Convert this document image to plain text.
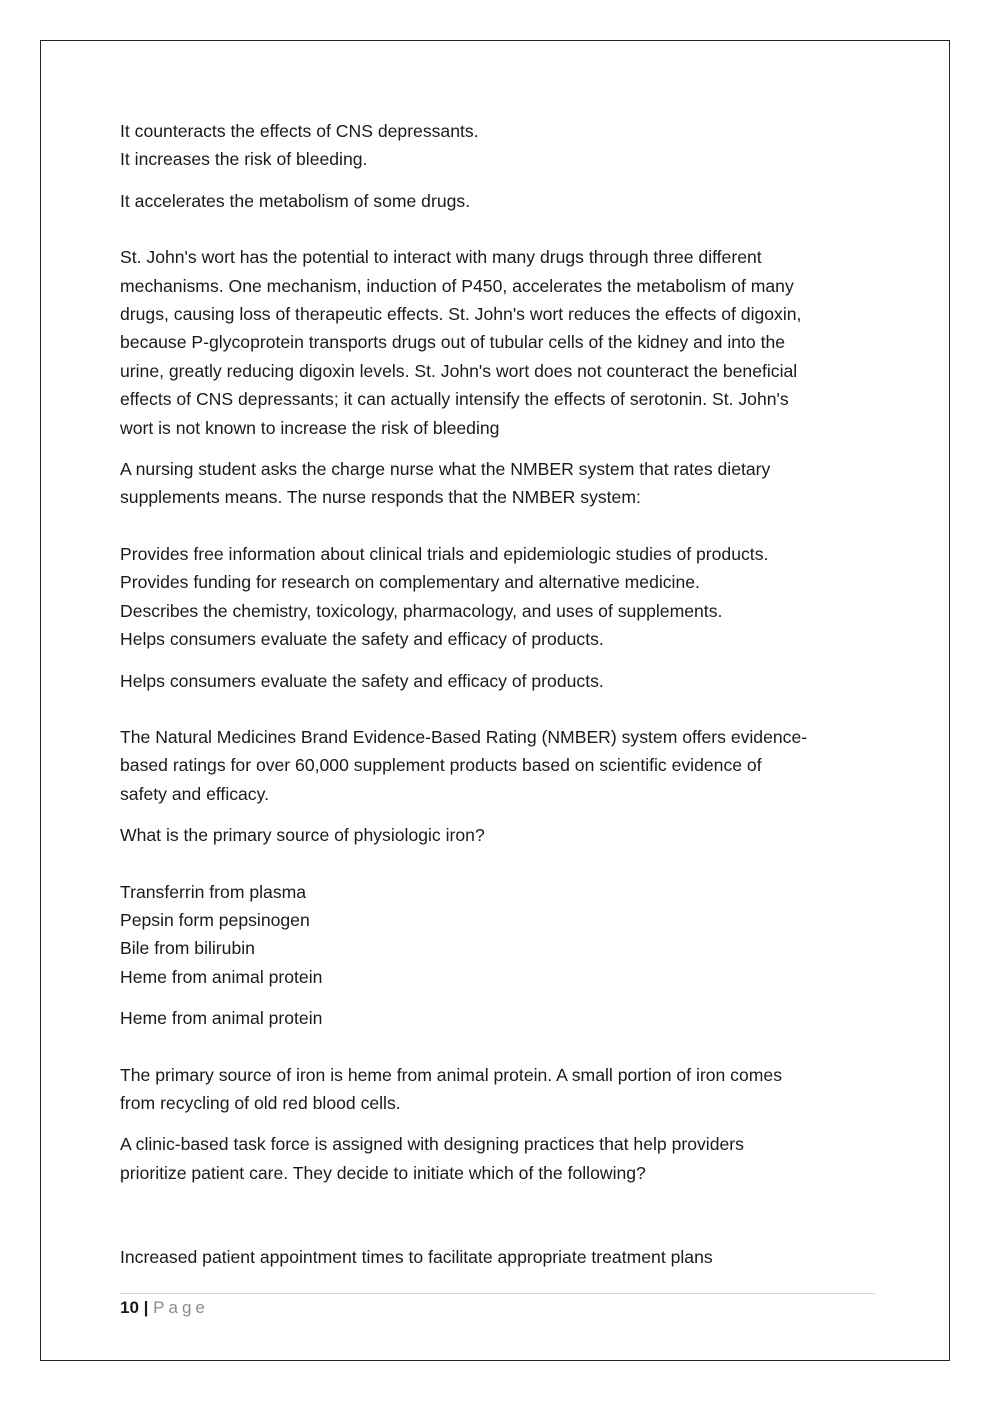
It counteracts the effects of CNS depressants.
It increases the risk of bleeding.

It accelerates the metabolism of some drugs.

St. John's wort has the potential to interact with many drugs through three different
mechanisms. One mechanism, induction of P450, accelerates the metabolism of many
drugs, causing loss of therapeutic effects. St. John's wort reduces the effects of digoxin,
because P-glycoprotein transports drugs out of tubular cells of the kidney and into the
urine, greatly reducing digoxin levels. St. John's wort does not counteract the beneficial
effects of CNS depressants; it can actually intensify the effects of serotonin. St. John's
wort is not known to increase the risk of bleeding

A nursing student asks the charge nurse what the NMBER system that rates dietary
supplements means. The nurse responds that the NMBER system:

Provides free information about clinical trials and epidemiologic studies of products.
Provides funding for research on complementary and alternative medicine.
Describes the chemistry, toxicology, pharmacology, and uses of supplements.
Helps consumers evaluate the safety and efficacy of products.

Helps consumers evaluate the safety and efficacy of products.

The Natural Medicines Brand Evidence-Based Rating (NMBER) system offers evidence-
based ratings for over 60,000 supplement products based on scientific evidence of
safety and efficacy.

What is the primary source of physiologic iron?

Transferrin from plasma
Pepsin form pepsinogen
Bile from bilirubin
Heme from animal protein

Heme from animal protein

The primary source of iron is heme from animal protein. A small portion of iron comes
from recycling of old red blood cells.

A clinic-based task force is assigned with designing practices that help providers
prioritize patient care. They decide to initiate which of the following?

Increased patient appointment times to facilitate appropriate treatment plans

10 | Page
